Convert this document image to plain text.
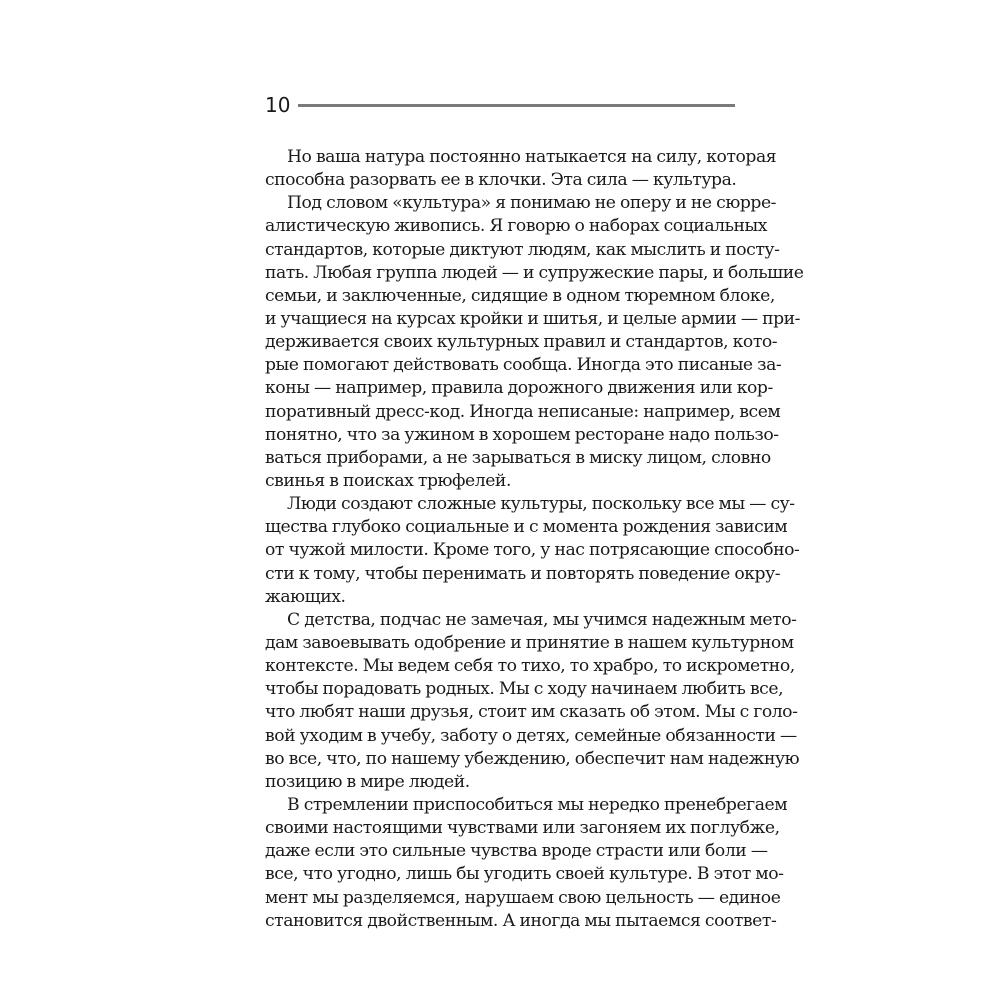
10
Но ваша натура постоянно натыкается на силу, которая
способна разорвать ее в клочки. Эта сила — культура.
Под словом «культура» я понимаю не оперу и не сюрре-
алистическую живопись. Я говорю о наборах социальных
стандартов, которые диктуют людям, как мыслить и посту-
пать. Любая группа людей — и супружеские пары, и большие
семьи, и заключенные, сидящие в одном тюремном блоке,
и учащиеся на курсах кройки и шитья, и целые армии — при-
держивается своих культурных правил и стандартов, кото-
рые помогают действовать сообща. Иногда это писаные за-
коны — например, правила дорожного движения или кор-
поративный дресс-код. Иногда неписаные: например, всем
понятно, что за ужином в хорошем ресторане надо пользо-
ваться приборами, а не зарываться в миску лицом, словно
свинья в поисках трюфелей.
Люди создают сложные культуры, поскольку все мы — су-
щества глубоко социальные и с момента рождения зависим
от чужой милости. Кроме того, у нас потрясающие способно-
сти к тому, чтобы перенимать и повторять поведение окру-
жающих.
С детства, подчас не замечая, мы учимся надежным мето-
дам завоевывать одобрение и принятие в нашем культурном
контексте. Мы ведем себя то тихо, то храбро, то искрометно,
чтобы порадовать родных. Мы с ходу начинаем любить все,
что любят наши друзья, стоит им сказать об этом. Мы с голо-
вой уходим в учебу, заботу о детях, семейные обязанности —
во все, что, по нашему убеждению, обеспечит нам надежную
позицию в мире людей.
В стремлении приспособиться мы нередко пренебрегаем
своими настоящими чувствами или загоняем их поглубже,
даже если это сильные чувства вроде страсти или боли —
все, что угодно, лишь бы угодить своей культуре. В этот мо-
мент мы разделяемся, нарушаем свою цельность — единое
становится двойственным. А иногда мы пытаемся соответ-
